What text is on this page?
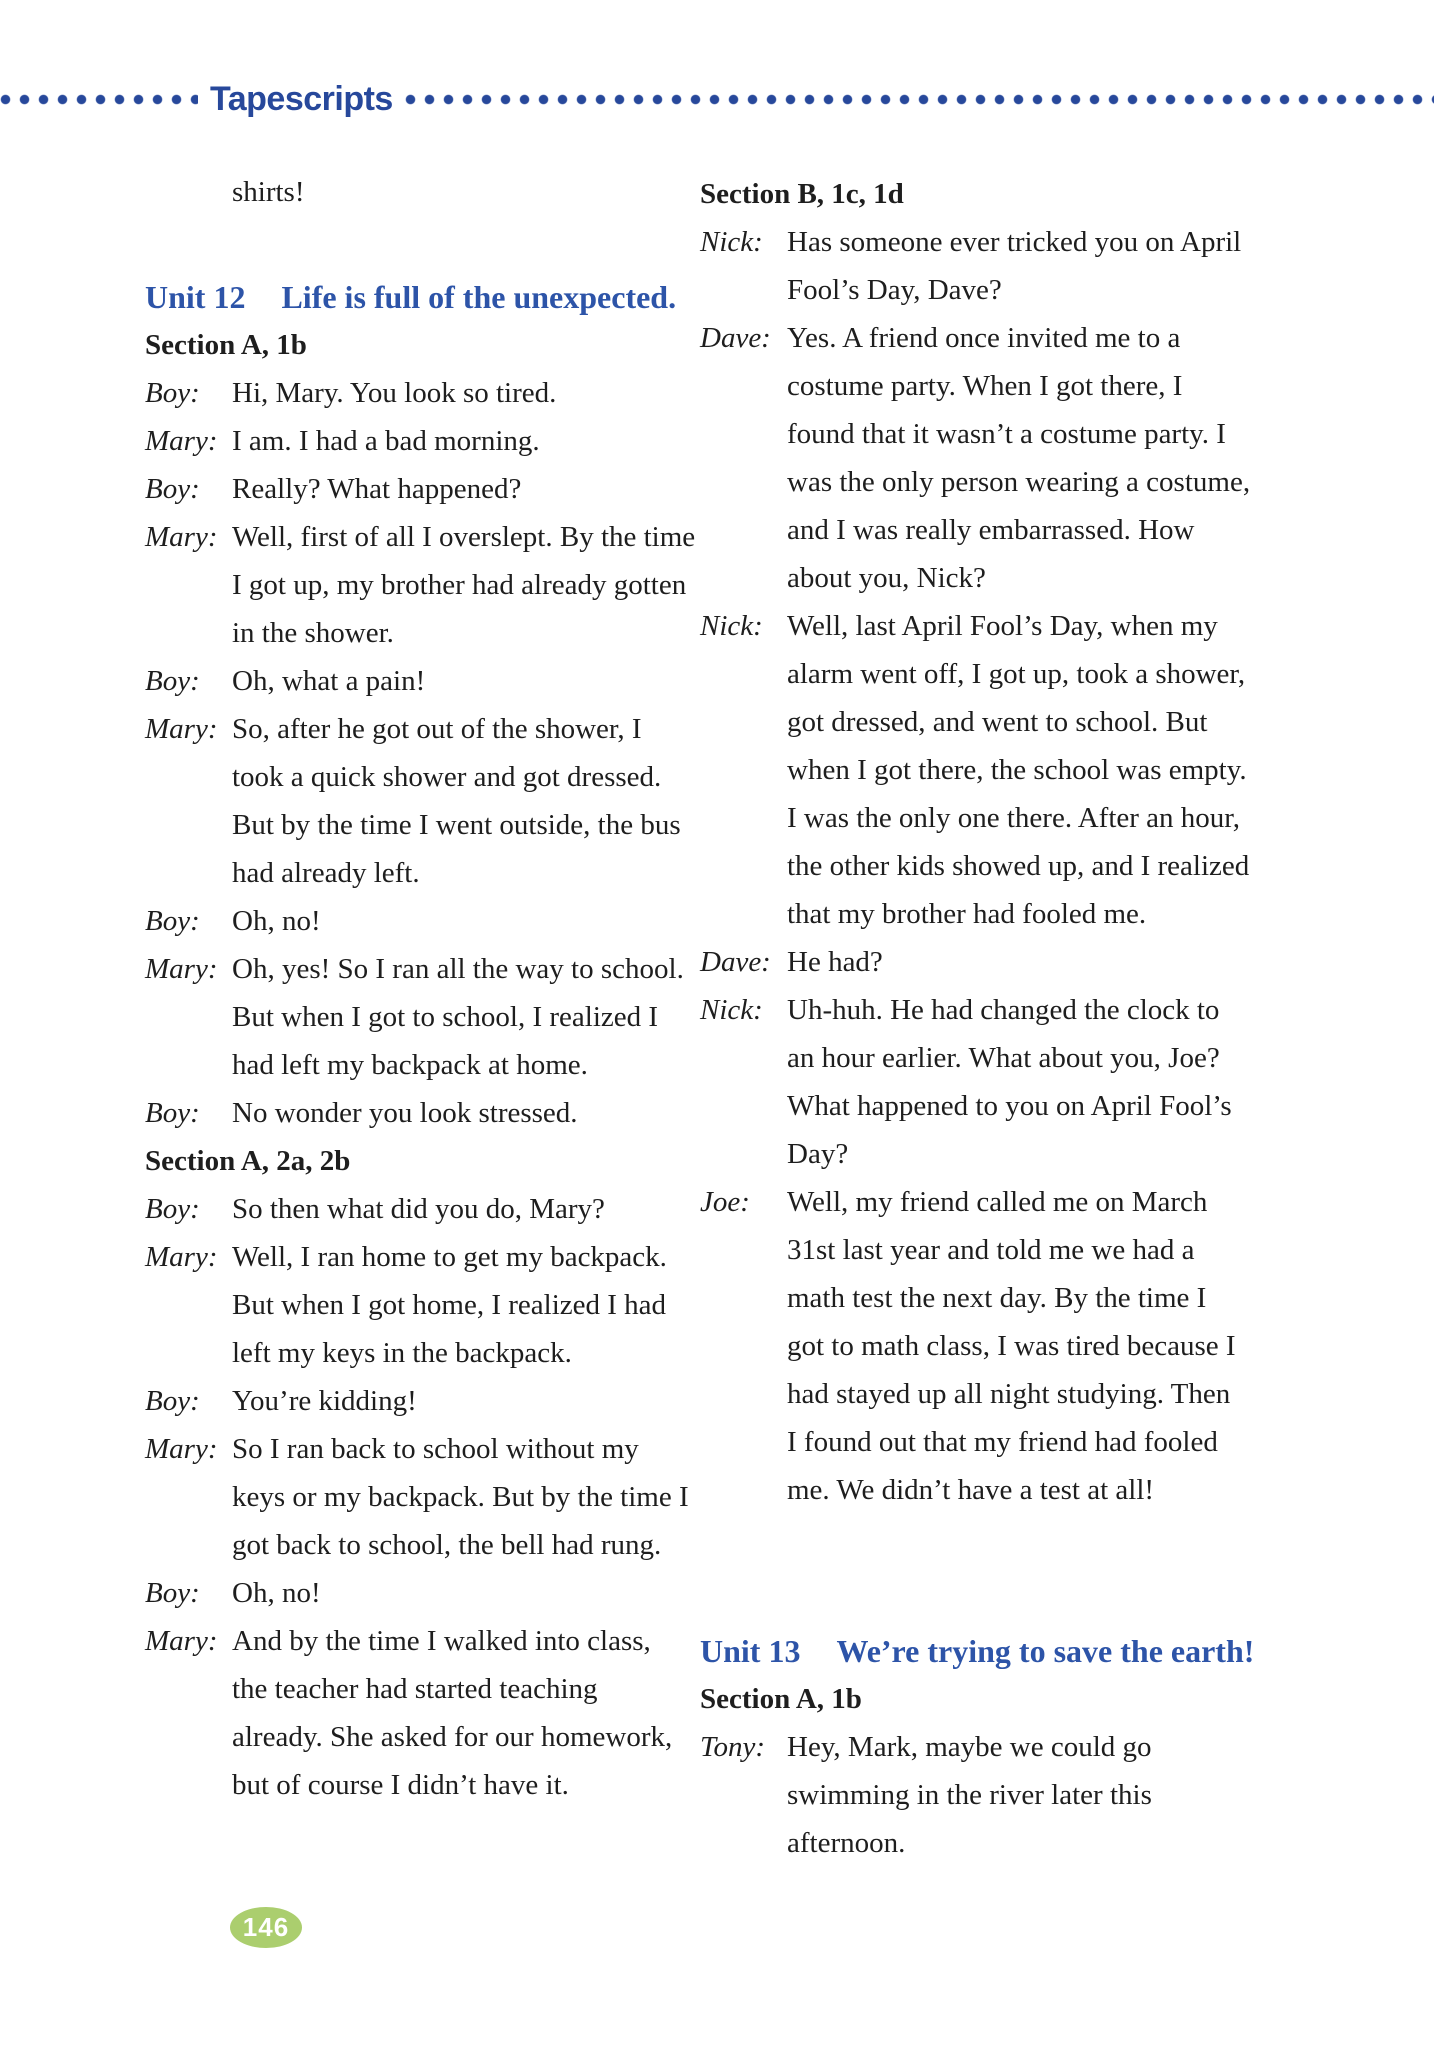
Tapescripts
shirts!
Unit 12 Life is full of the unexpected.
Section A, 1b
Boy:	Hi, Mary. You look so tired.
Mary: I am. I had a bad morning.
Boy:	Really? What happened?
Mary: Well, first of all I overslept. By the time
I got up, my brother had already gotten
in the shower.
Boy:	Oh, what a pain!
Mary: So, after he got out of the shower, I
took a quick shower and got dressed.
But by the time I went outside, the bus
had already left.
Boy:	Oh, no!
Mary: Oh, yes! So I ran all the way to school.
But when I got to school, I realized I
had left my backpack at home.
Boy:	No wonder you look stressed.
Section A, 2a, 2b
Boy:	So then what did you do, Mary?
Mary: Well, I ran home to get my backpack.
But when I got home, I realized I had
left my keys in the backpack.
Boy:	You’re kidding!
Mary: So I ran back to school without my
keys or my backpack. But by the time I
got back to school, the bell had rung.
Boy:	Oh, no!
Mary: And by the time I walked into class,
the teacher had started teaching
already. She asked for our homework,
but of course I didn’t have it.
Section B, 1c, 1d
Nick: Has someone ever tricked you on April
Fool’s Day, Dave?
Dave: Yes. A friend once invited me to a
costume party. When I got there, I
found that it wasn’t a costume party. I
was the only person wearing a costume,
and I was really embarrassed. How
about you, Nick?
Nick: Well, last April Fool’s Day, when my
alarm went off, I got up, took a shower,
got dressed, and went to school. But
when I got there, the school was empty.
I was the only one there. After an hour,
the other kids showed up, and I realized
that my brother had fooled me.
Dave: He had?
Nick: Uh-huh. He had changed the clock to
an hour earlier. What about you, Joe?
What happened to you on April Fool’s
Day?
Joe:	Well, my friend called me on March
31st last year and told me we had a
math test the next day. By the time I
got to math class, I was tired because I
had stayed up all night studying. Then
I found out that my friend had fooled
me. We didn’t have a test at all!
Unit 13 We’re trying to save the earth!
Section A, 1b
Tony: Hey, Mark, maybe we could go
swimming in the river later this
afternoon.
146
